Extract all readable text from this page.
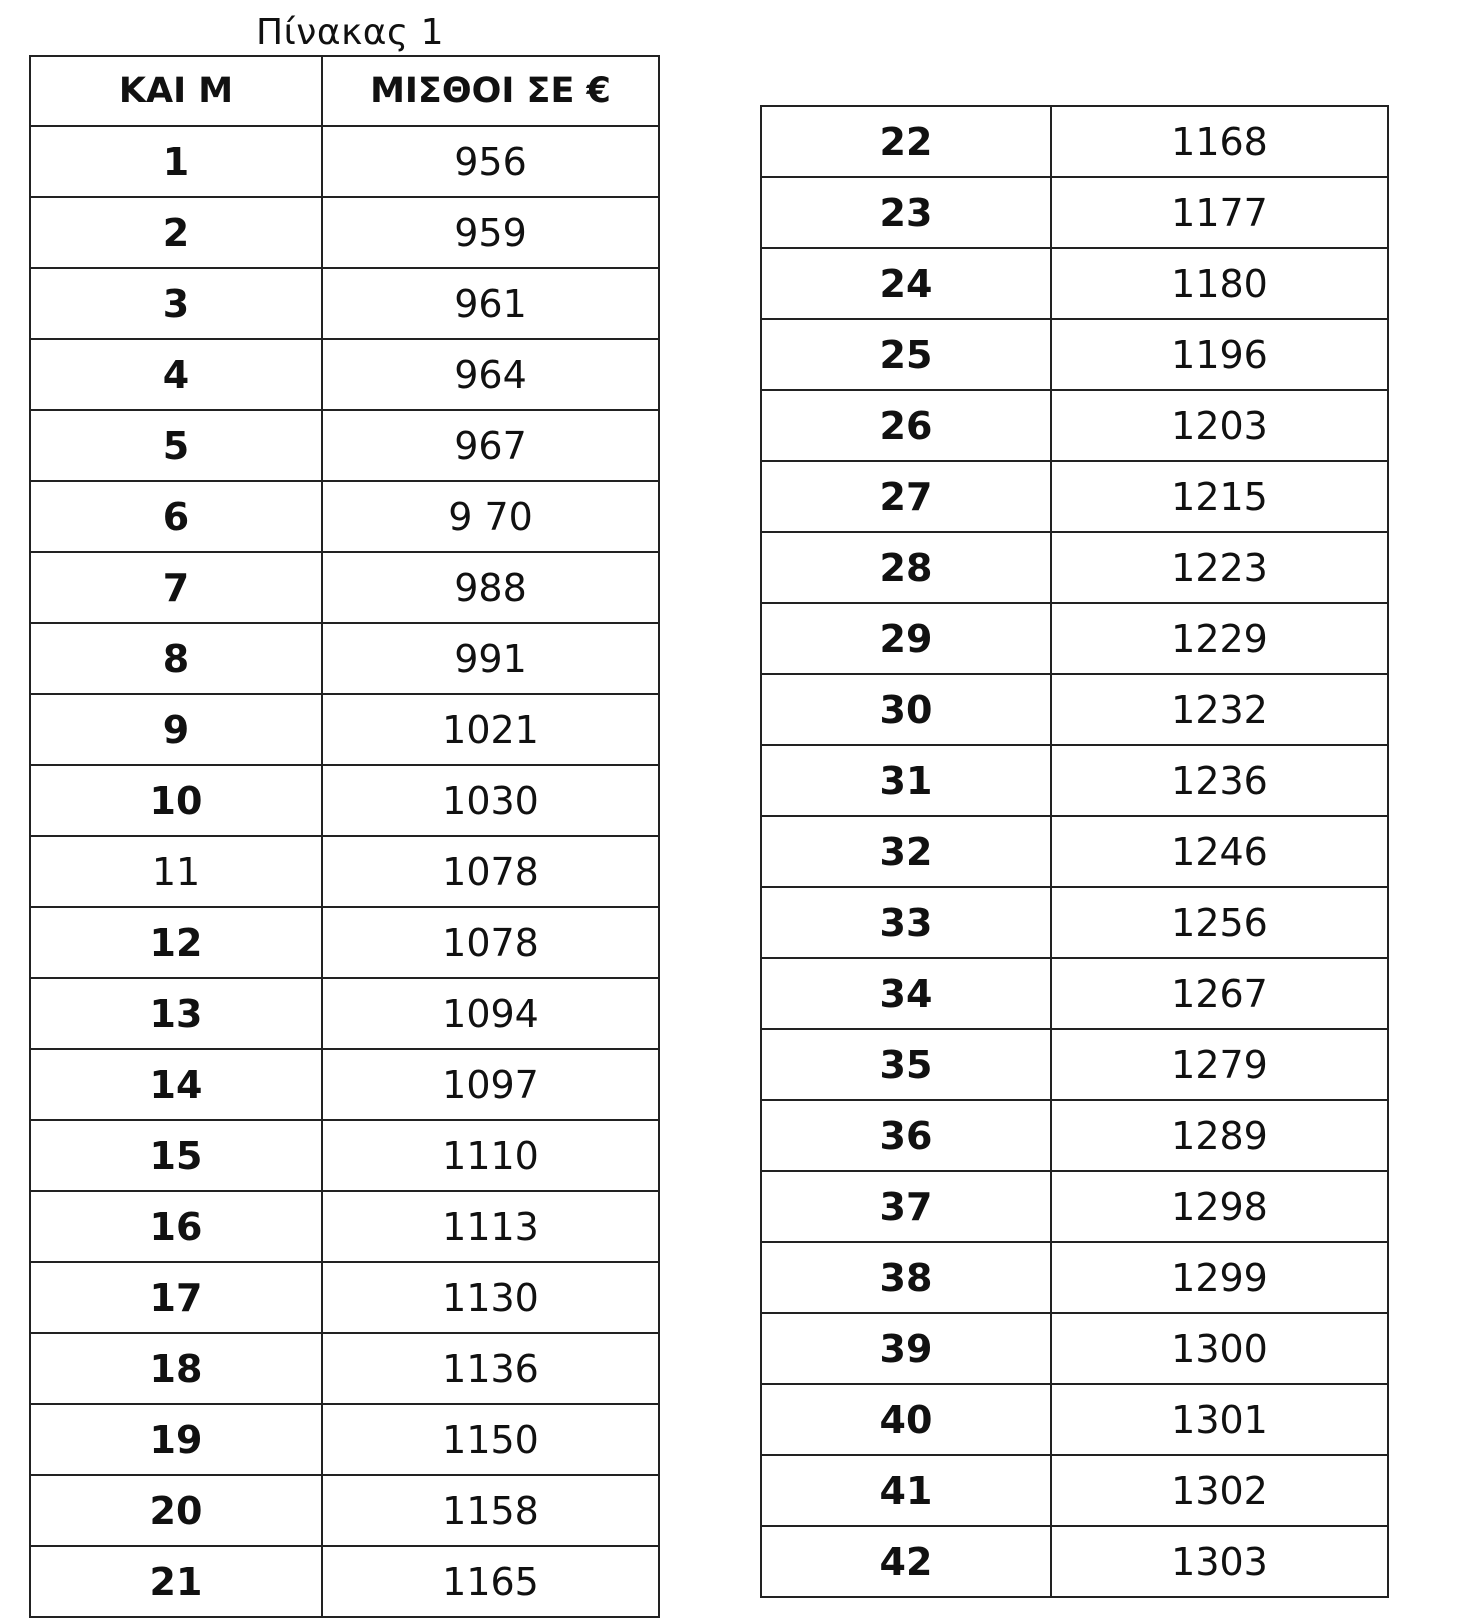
Πίνακας 1
ΚΑΙ Μ	ΜΙΣΘΟΙ ΣΕ €
1	956
2	959
3	961
4	964
5	967
6	9 70
7	988
8	991
9	1021
10	1030
11	1078
12	1078
13	1094
14	1097
15	1110
16	1113
17	1130
18	1136
19	1150
20	1158
21	1165
22	1168
23	1177
24	1180
25	1196
26	1203
27	1215
28	1223
29	1229
30	1232
31	1236
32	1246
33	1256
34	1267
35	1279
36	1289
37	1298
38	1299
39	1300
40	1301
41	1302
42	1303
